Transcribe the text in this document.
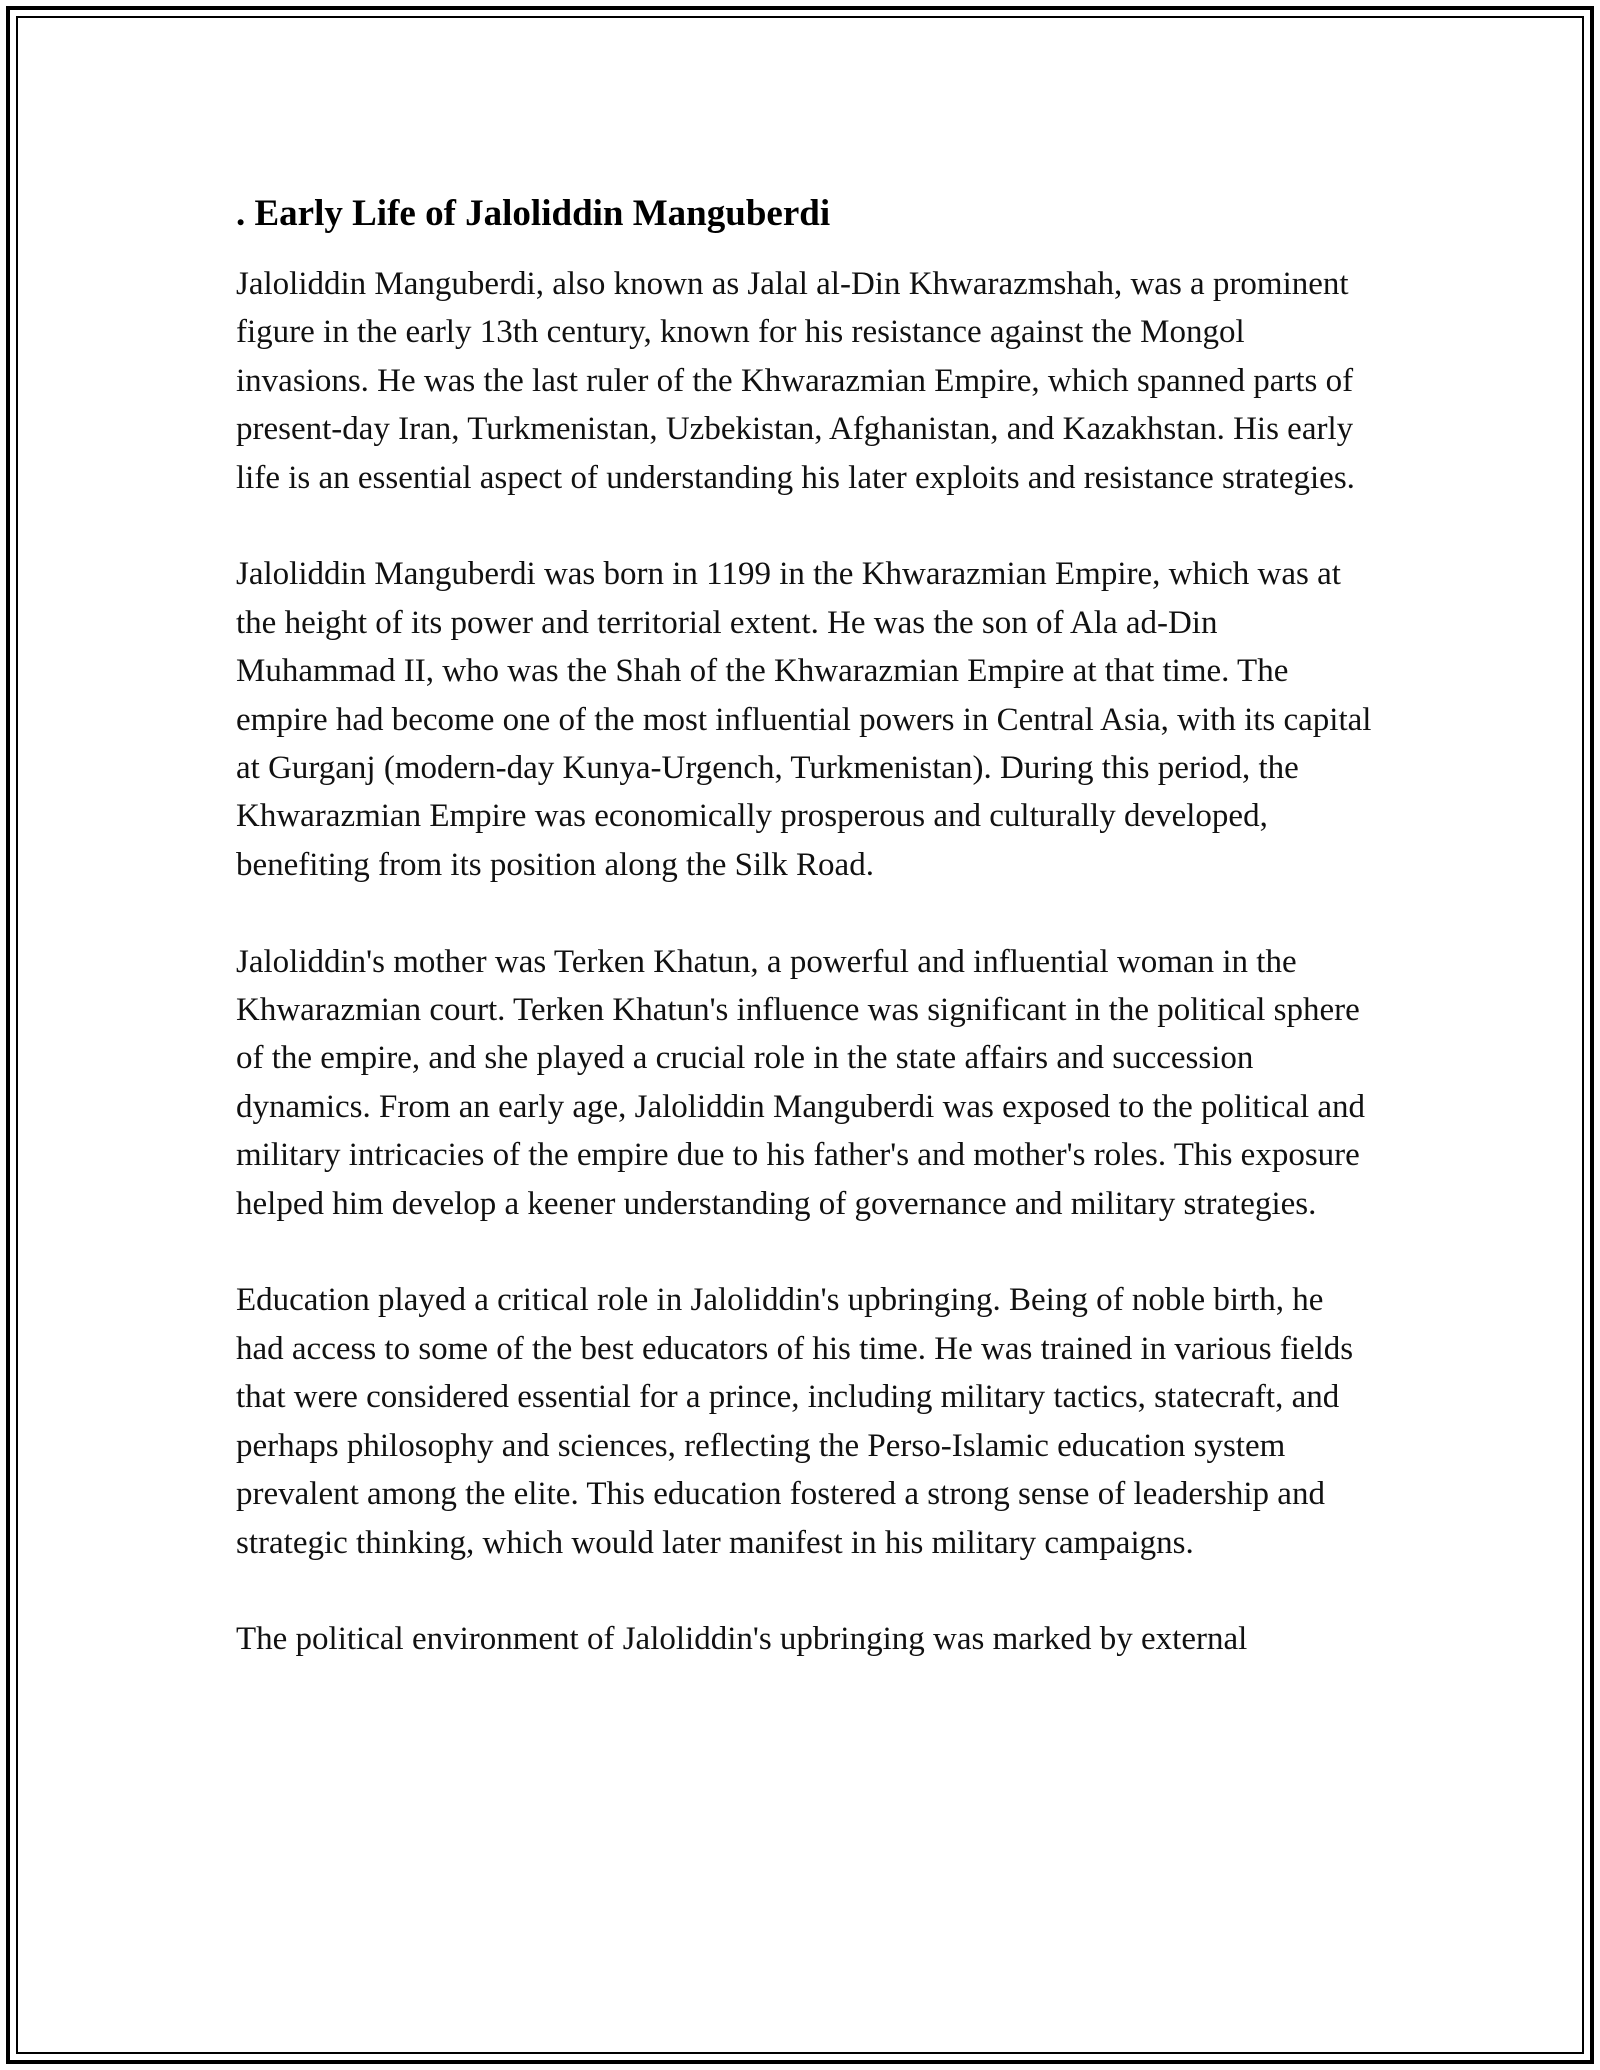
. Early Life of Jaloliddin Manguberdi

Jaloliddin Manguberdi, also known as Jalal al-Din Khwarazmshah, was a prominent figure in the early 13th century, known for his resistance against the Mongol invasions. He was the last ruler of the Khwarazmian Empire, which spanned parts of present-day Iran, Turkmenistan, Uzbekistan, Afghanistan, and Kazakhstan. His early life is an essential aspect of understanding his later exploits and resistance strategies.

Jaloliddin Manguberdi was born in 1199 in the Khwarazmian Empire, which was at the height of its power and territorial extent. He was the son of Ala ad-Din Muhammad II, who was the Shah of the Khwarazmian Empire at that time. The empire had become one of the most influential powers in Central Asia, with its capital at Gurganj (modern-day Kunya-Urgench, Turkmenistan). During this period, the Khwarazmian Empire was economically prosperous and culturally developed, benefiting from its position along the Silk Road.

Jaloliddin's mother was Terken Khatun, a powerful and influential woman in the Khwarazmian court. Terken Khatun's influence was significant in the political sphere of the empire, and she played a crucial role in the state affairs and succession dynamics. From an early age, Jaloliddin Manguberdi was exposed to the political and military intricacies of the empire due to his father's and mother's roles. This exposure helped him develop a keener understanding of governance and military strategies.

Education played a critical role in Jaloliddin's upbringing. Being of noble birth, he had access to some of the best educators of his time. He was trained in various fields that were considered essential for a prince, including military tactics, statecraft, and perhaps philosophy and sciences, reflecting the Perso-Islamic education system prevalent among the elite. This education fostered a strong sense of leadership and strategic thinking, which would later manifest in his military campaigns.

The political environment of Jaloliddin's upbringing was marked by external
